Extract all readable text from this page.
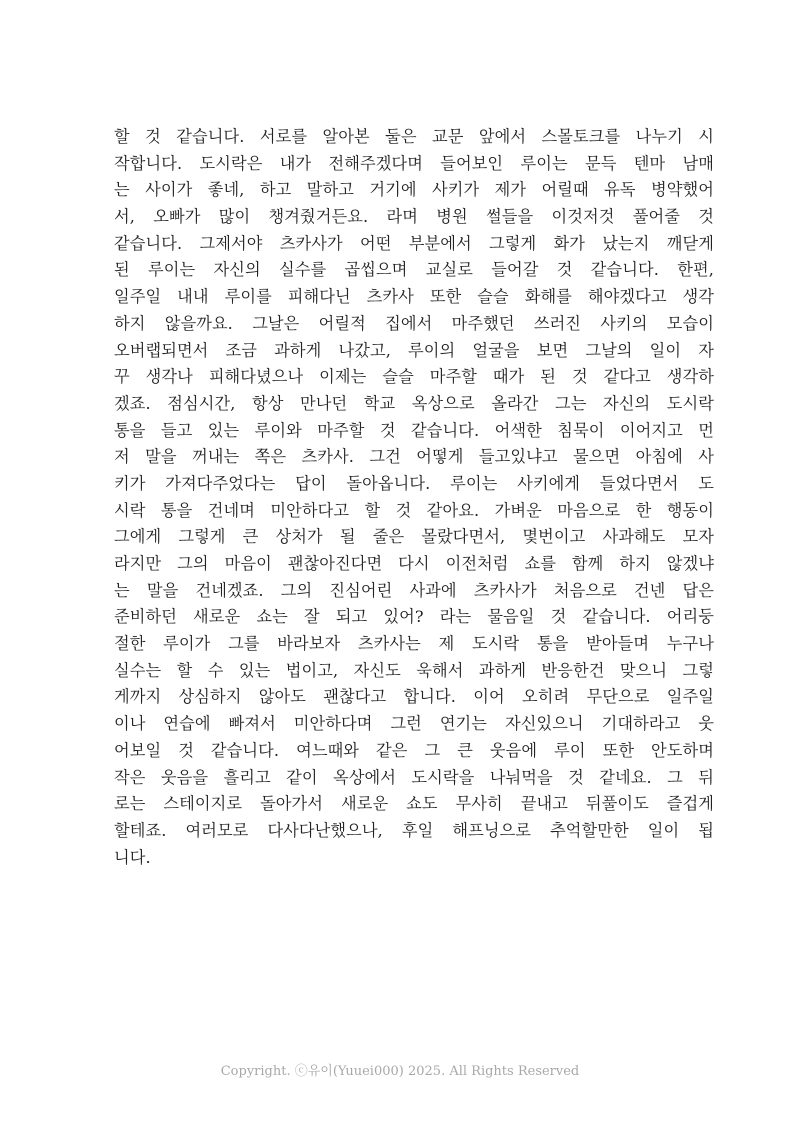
할 것 같습니다. 서로를 알아본 둘은 교문 앞에서 스몰토크를 나누기 시
작합니다. 도시락은 내가 전해주겠다며 들어보인 루이는 문득 텐마 남매
는 사이가 좋네, 하고 말하고 거기에 사키가 제가 어릴때 유독 병약했어
서, 오빠가 많이 챙겨줬거든요. 라며 병원 썰들을 이것저것 풀어줄 것
같습니다. 그제서야 츠카사가 어떤 부분에서 그렇게 화가 났는지 깨닫게
된 루이는 자신의 실수를 곱씹으며 교실로 들어갈 것 같습니다. 한편,
일주일 내내 루이를 피해다닌 츠카사 또한 슬슬 화해를 해야겠다고 생각
하지 않을까요. 그날은 어릴적 집에서 마주했던 쓰러진 사키의 모습이
오버랩되면서 조금 과하게 나갔고, 루이의 얼굴을 보면 그날의 일이 자
꾸 생각나 피해다녔으나 이제는 슬슬 마주할 때가 된 것 같다고 생각하
겠죠. 점심시간, 항상 만나던 학교 옥상으로 올라간 그는 자신의 도시락
통을 들고 있는 루이와 마주할 것 같습니다. 어색한 침묵이 이어지고 먼
저 말을 꺼내는 쪽은 츠카사. 그건 어떻게 들고있냐고 물으면 아침에 사
키가 가져다주었다는 답이 돌아옵니다. 루이는 사키에게 들었다면서 도
시락 통을 건네며 미안하다고 할 것 같아요. 가벼운 마음으로 한 행동이
그에게 그렇게 큰 상처가 될 줄은 몰랐다면서, 몇번이고 사과해도 모자
라지만 그의 마음이 괜찮아진다면 다시 이전처럼 쇼를 함께 하지 않겠냐
는 말을 건네겠죠. 그의 진심어린 사과에 츠카사가 처음으로 건넨 답은
준비하던 새로운 쇼는 잘 되고 있어? 라는 물음일 것 같습니다. 어리둥
절한 루이가 그를 바라보자 츠카사는 제 도시락 통을 받아들며 누구나
실수는 할 수 있는 법이고, 자신도 욱해서 과하게 반응한건 맞으니 그렇
게까지 상심하지 않아도 괜찮다고 합니다. 이어 오히려 무단으로 일주일
이나 연습에 빠져서 미안하다며 그런 연기는 자신있으니 기대하라고 웃
어보일 것 같습니다. 여느때와 같은 그 큰 웃음에 루이 또한 안도하며
작은 웃음을 흘리고 같이 옥상에서 도시락을 나눠먹을 것 같네요. 그 뒤
로는 스테이지로 돌아가서 새로운 쇼도 무사히 끝내고 뒤풀이도 즐겁게
할테죠. 여러모로 다사다난했으나, 후일 해프닝으로 추억할만한 일이 됩
니다.
Copyright. ⓒ유이(Yuuei000) 2025. All Rights Reserved
